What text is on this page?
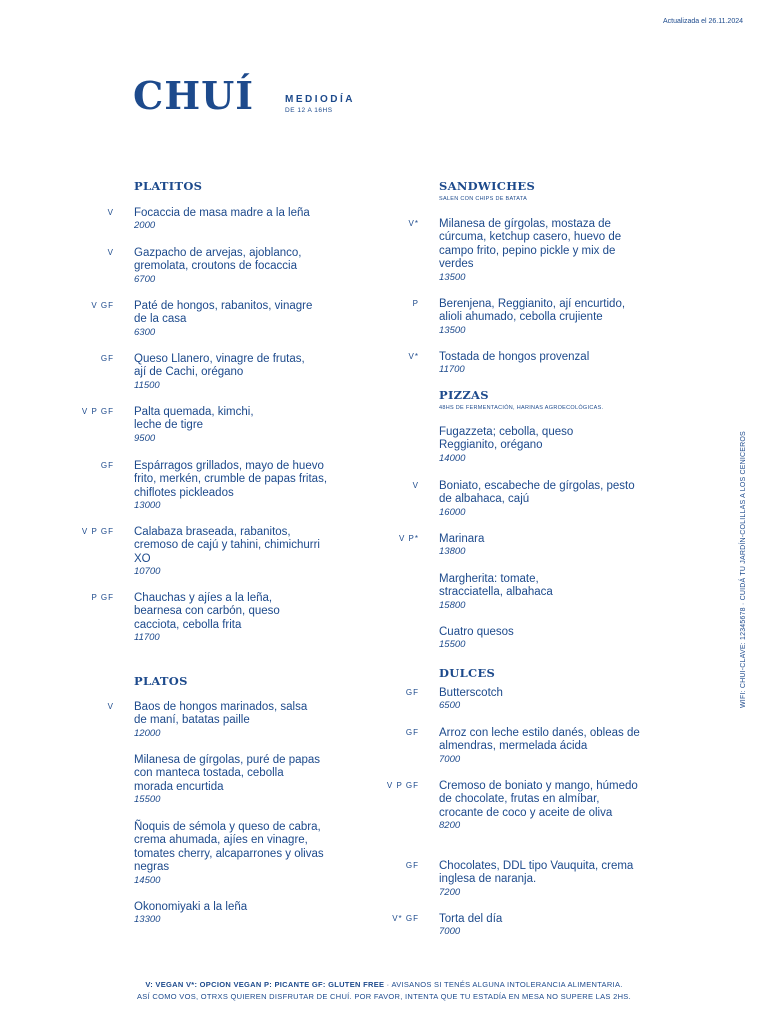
Actualizada el 26.11.2024
CHUÍ	MEDIODÍA
DE 12 A 16HS
PLATITOS
V Focaccia de masa madre a la leña
2000
V Gazpacho de arvejas, ajoblanco, gremolata, croutons de focaccia
6700
V GF Paté de hongos, rabanitos, vinagre de la casa
6300
GF Queso Llanero, vinagre de frutas, ají de Cachi, orégano
11500
V P GF Palta quemada, kimchi, leche de tigre
9500
GF Espárragos grillados, mayo de huevo frito, merkén, crumble de papas fritas, chiflotes pickleados
13000
V P GF Calabaza braseada, rabanitos, cremoso de cajú y tahini, chimichurri XO
10700
P GF Chauchas y ajíes a la leña, bearnesa con carbón, queso cacciota, cebolla frita
11700
PLATOS
V Baos de hongos marinados, salsa de maní, batatas paille
12000
Milanesa de gírgolas, puré de papas con manteca tostada, cebolla morada encurtida
15500
Ñoquis de sémola y queso de cabra, crema ahumada, ajíes en vinagre, tomates cherry, alcaparrones y olivas negras
14500
Okonomiyaki a la leña
13300
SANDWICHES
SALEN CON CHIPS DE BATATA
V* Milanesa de gírgolas, mostaza de cúrcuma, ketchup casero, huevo de campo frito, pepino pickle y mix de verdes
13500
P Berenjena, Reggianito, ají encurtido, alioli ahumado, cebolla crujiente
13500
V* Tostada de hongos provenzal
11700
PIZZAS
48HS DE FERMENTACIÓN, HARINAS AGROECOLÓGICAS.
Fugazzeta; cebolla, queso Reggianito, orégano
14000
V Boniato, escabeche de gírgolas, pesto de albahaca, cajú
16000
V P* Marinara
13800
Margherita: tomate, stracciatella, albahaca
15800
Cuatro quesos
15500
DULCES
GF Butterscotch
6500
GF Arroz con leche estilo danés, obleas de almendras, mermelada ácida
7000
V P GF Cremoso de boniato y mango, húmedo de chocolate, frutas en almíbar, crocante de coco y aceite de oliva
8200
GF Chocolates, DDL tipo Vauquita, crema inglesa de naranja.
7200
V* GF Torta del día
7000
WIFI: CHUI-CLAVE: 12345678 · CUIDÁ TU JARDÍN-COLILLAS A LOS CENICEROS
V: VEGAN V*: OPCION VEGAN P: PICANTE GF: GLUTEN FREE · AVISANOS SI TENÉS ALGUNA INTOLERANCIA ALIMENTARIA.
ASÍ COMO VOS, OTRXS QUIEREN DISFRUTAR DE CHUÍ. POR FAVOR, INTENTA QUE TU ESTADÍA EN MESA NO SUPERE LAS 2HS.
